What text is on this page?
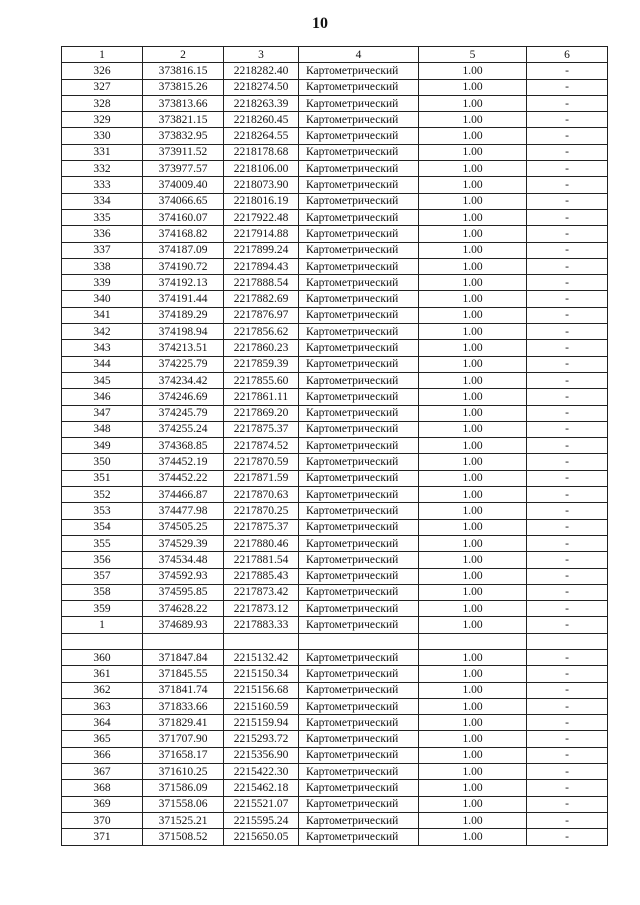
10
1	2	3	4	5	6
326	373816.15	2218282.40	Картометрический	1.00	-
327	373815.26	2218274.50	Картометрический	1.00	-
328	373813.66	2218263.39	Картометрический	1.00	-
329	373821.15	2218260.45	Картометрический	1.00	-
330	373832.95	2218264.55	Картометрический	1.00	-
331	373911.52	2218178.68	Картометрический	1.00	-
332	373977.57	2218106.00	Картометрический	1.00	-
333	374009.40	2218073.90	Картометрический	1.00	-
334	374066.65	2218016.19	Картометрический	1.00	-
335	374160.07	2217922.48	Картометрический	1.00	-
336	374168.82	2217914.88	Картометрический	1.00	-
337	374187.09	2217899.24	Картометрический	1.00	-
338	374190.72	2217894.43	Картометрический	1.00	-
339	374192.13	2217888.54	Картометрический	1.00	-
340	374191.44	2217882.69	Картометрический	1.00	-
341	374189.29	2217876.97	Картометрический	1.00	-
342	374198.94	2217856.62	Картометрический	1.00	-
343	374213.51	2217860.23	Картометрический	1.00	-
344	374225.79	2217859.39	Картометрический	1.00	-
345	374234.42	2217855.60	Картометрический	1.00	-
346	374246.69	2217861.11	Картометрический	1.00	-
347	374245.79	2217869.20	Картометрический	1.00	-
348	374255.24	2217875.37	Картометрический	1.00	-
349	374368.85	2217874.52	Картометрический	1.00	-
350	374452.19	2217870.59	Картометрический	1.00	-
351	374452.22	2217871.59	Картометрический	1.00	-
352	374466.87	2217870.63	Картометрический	1.00	-
353	374477.98	2217870.25	Картометрический	1.00	-
354	374505.25	2217875.37	Картометрический	1.00	-
355	374529.39	2217880.46	Картометрический	1.00	-
356	374534.48	2217881.54	Картометрический	1.00	-
357	374592.93	2217885.43	Картометрический	1.00	-
358	374595.85	2217873.42	Картометрический	1.00	-
359	374628.22	2217873.12	Картометрический	1.00	-
1	374689.93	2217883.33	Картометрический	1.00	-

360	371847.84	2215132.42	Картометрический	1.00	-
361	371845.55	2215150.34	Картометрический	1.00	-
362	371841.74	2215156.68	Картометрический	1.00	-
363	371833.66	2215160.59	Картометрический	1.00	-
364	371829.41	2215159.94	Картометрический	1.00	-
365	371707.90	2215293.72	Картометрический	1.00	-
366	371658.17	2215356.90	Картометрический	1.00	-
367	371610.25	2215422.30	Картометрический	1.00	-
368	371586.09	2215462.18	Картометрический	1.00	-
369	371558.06	2215521.07	Картометрический	1.00	-
370	371525.21	2215595.24	Картометрический	1.00	-
371	371508.52	2215650.05	Картометрический	1.00	-
